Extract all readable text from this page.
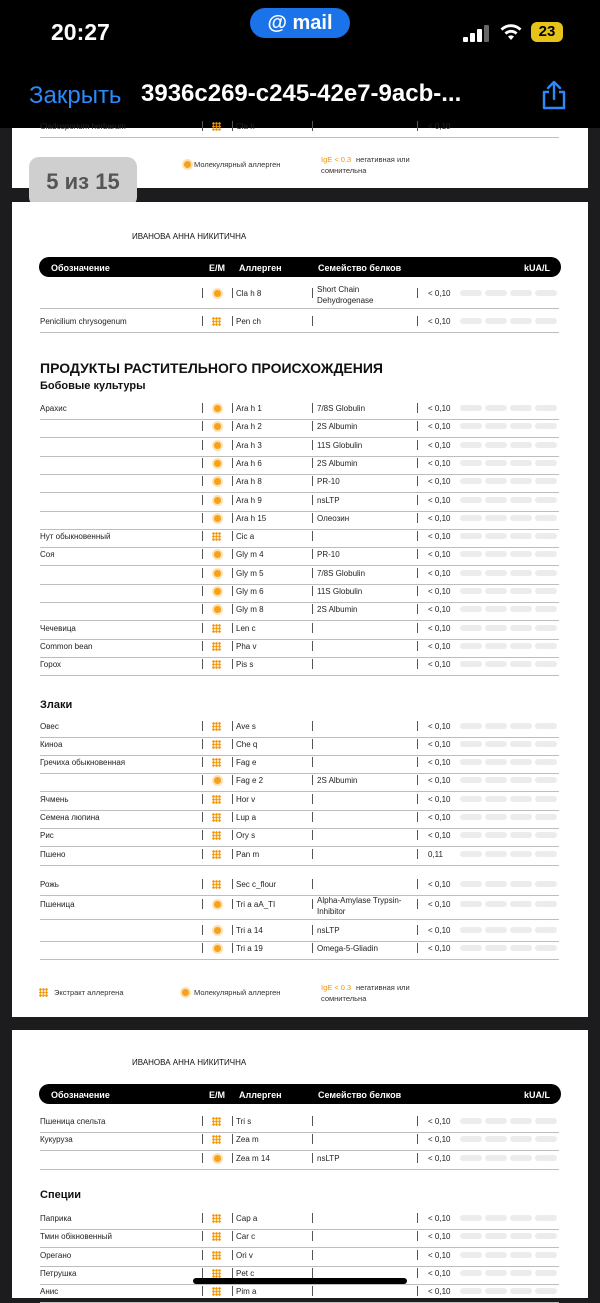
20:27	@ mail	23
Закрыть 3936c269-c245-42e7-9acb-...
Cladosporium herbarum	Cla h	< 0,10
Молекулярный аллерген
IgE < 0.3 негативная или
сомнительна
5 из 15
ИВАНОВА АННА НИКИТИЧНА
Обозначение	E/M Аллерген	Семейство белков	kUA/L
Cla h 8	Short Chain
Dehydrogenase
< 0,10
Penicilium chrysogenum	Pen ch	< 0,10
ПРОДУКТЫ РАСТИТЕЛЬНОГО ПРОИСХОЖДЕНИЯ
Бобовые культуры
Арахис	Ara h 1	7/8S Globulin	< 0,10
Ara h 2	2S Albumin	< 0,10
Ara h 3	11S Globulin	< 0,10
Ara h 6	2S Albumin	< 0,10
Ara h 8	PR-10	< 0,10
Ara h 9	nsLTP	< 0,10
Ara h 15	Олеозин	< 0,10
Нут обыкновенный	Cic a	< 0,10
Соя	Gly m 4	PR-10	< 0,10
Gly m 5	7/8S Globulin	< 0,10
Gly m 6	11S Globulin	< 0,10
Gly m 8	2S Albumin	< 0,10
Чечевица	Len c	< 0,10
Common bean	Pha v	< 0,10
Горох	Pis s	< 0,10
Злаки
Овес	Ave s	< 0,10
Киноа	Che q	< 0,10
Гречиха обыкновенная	Fag e	< 0,10
Fag e 2	2S Albumin	< 0,10
Ячмень	Hor v	< 0,10
Семена люпина	Lup a	< 0,10
Рис	Ory s	< 0,10
Пшено	Pan m	0,11
Рожь	Sec c_flour	< 0,10
Пшеница	Tri a aA_TI	Alpha-Amylase Trypsin-
Inhibitor
< 0,10
Tri a 14	nsLTP	< 0,10
Tri a 19	Omega-5-Gliadin	< 0,10
Экстракт аллергена	Молекулярный аллерген
IgE < 0.3 негативная или
сомнительна
ИВАНОВА АННА НИКИТИЧНА
Обозначение	E/M Аллерген	Семейство белков	kUA/L
Пшеница спельта	Tri s	< 0,10
Кукуруза	Zea m	< 0,10
Zea m 14	nsLTP	< 0,10
Специи
Паприка	Cap a	< 0,10
Тмин обікновенный	Car c	< 0,10
Орегано	Ori v	< 0,10
Петрушка	Pet c	< 0,10
Анис	Pim a	< 0,10
